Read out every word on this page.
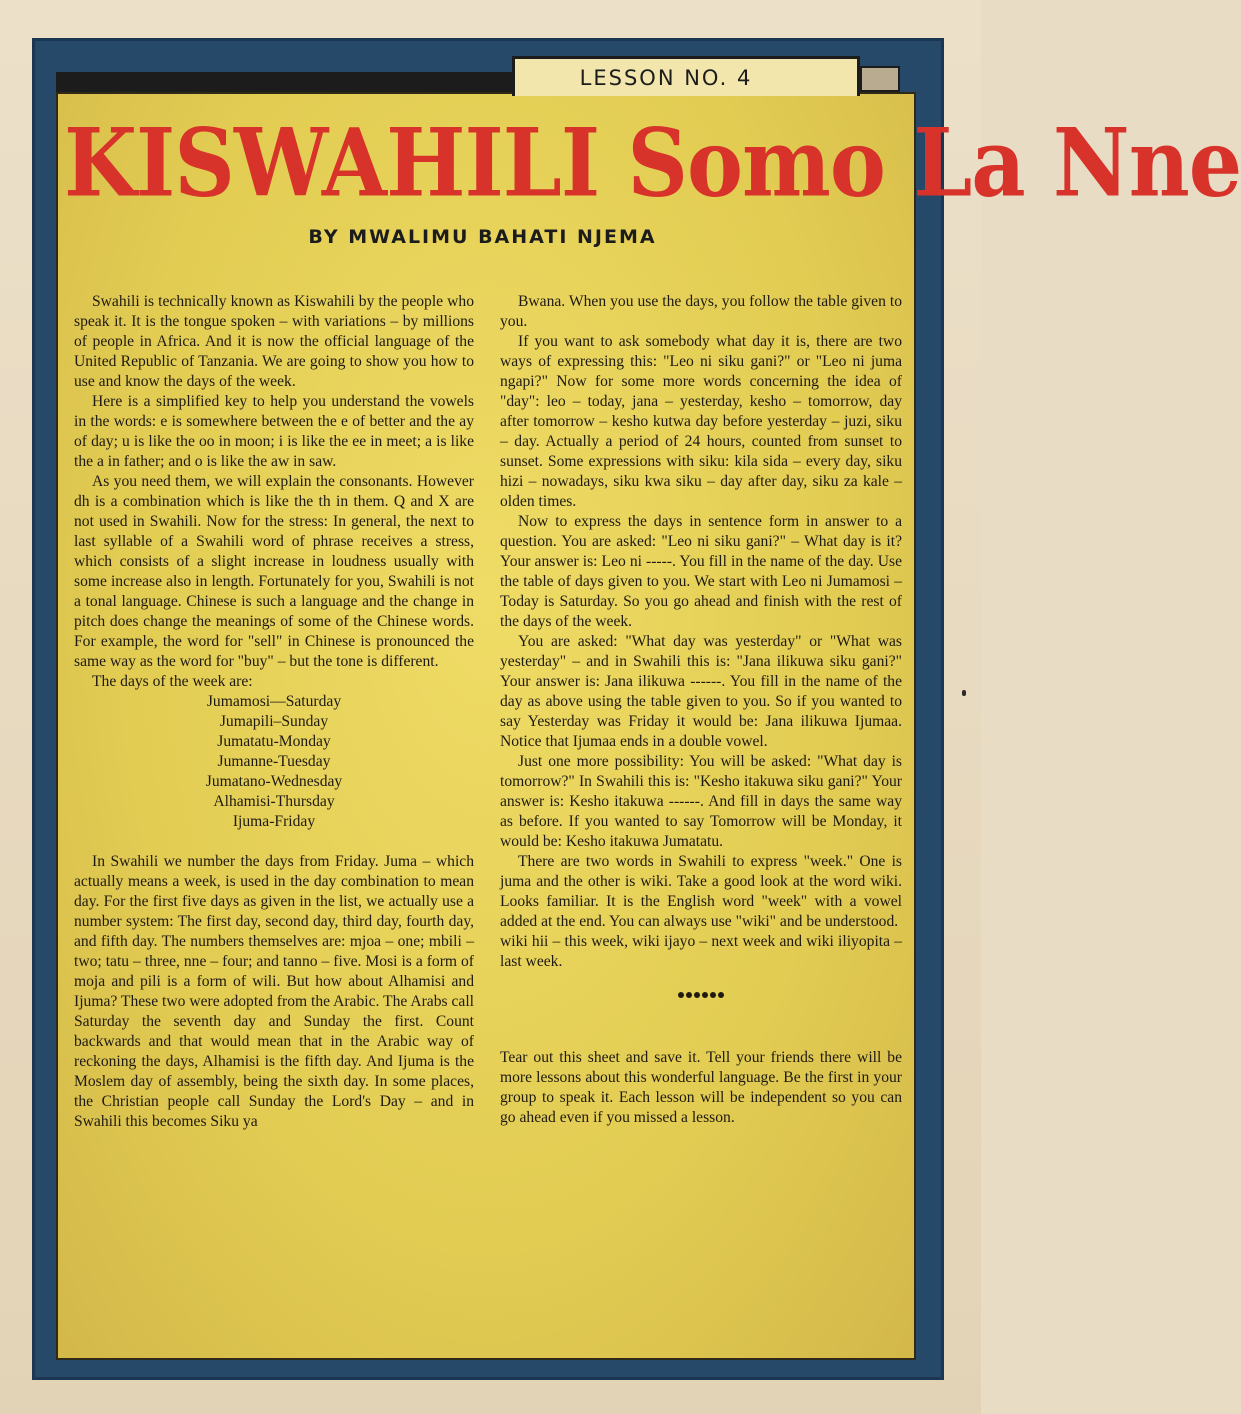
LESSON NO. 4
KISWAHILI Somo La Nne
BY MWALIMU BAHATI NJEMA

Swahili is technically known as Kiswahili by the people who speak it. It is the tongue spoken – with variations – by millions of people in Africa. And it is now the official language of the United Republic of Tanzania. We are going to show you how to use and know the days of the week.

Here is a simplified key to help you understand the vowels in the words: e is somewhere between the e of better and the ay of day; u is like the oo in moon; i is like the ee in meet; a is like the a in father; and o is like the aw in saw.

As you need them, we will explain the consonants. However dh is a combination which is like the th in them. Q and X are not used in Swahili. Now for the stress: In general, the next to last syllable of a Swahili word of phrase receives a stress, which consists of a slight increase in loudness usually with some increase also in length. Fortunately for you, Swahili is not a tonal language. Chinese is such a language and the change in pitch does change the meanings of some of the Chinese words. For example, the word for "sell" in Chinese is pronounced the same way as the word for "buy" – but the tone is different.

The days of the week are:

Jumamosi—Saturday
Jumapili–Sunday
Jumatatu-Monday
Jumanne-Tuesday
Jumatano-Wednesday
Alhamisi-Thursday
Ijuma-Friday

In Swahili we number the days from Friday. Juma – which actually means a week, is used in the day combination to mean day. For the first five days as given in the list, we actually use a number system: The first day, second day, third day, fourth day, and fifth day. The numbers themselves are: mjoa – one; mbili – two; tatu – three, nne – four; and tanno – five. Mosi is a form of moja and pili is a form of wili. But how about Alhamisi and Ijuma? These two were adopted from the Arabic. The Arabs call Saturday the seventh day and Sunday the first. Count backwards and that would mean that in the Arabic way of reckoning the days, Alhamisi is the fifth day. And Ijuma is the Moslem day of assembly, being the sixth day. In some places, the Christian people call Sunday the Lord's Day – and in Swahili this becomes Siku ya

Bwana. When you use the days, you follow the table given to you.

If you want to ask somebody what day it is, there are two ways of expressing this: "Leo ni siku gani?" or "Leo ni juma ngapi?" Now for some more words concerning the idea of "day": leo – today, jana – yesterday, kesho – tomorrow, day after tomorrow – kesho kutwa day before yesterday – juzi, siku – day. Actually a period of 24 hours, counted from sunset to sunset. Some expressions with siku: kila sida – every day, siku hizi – nowadays, siku kwa siku – day after day, siku za kale – olden times.

Now to express the days in sentence form in answer to a question. You are asked: "Leo ni siku gani?" – What day is it? Your answer is: Leo ni -----. You fill in the name of the day. Use the table of days given to you. We start with Leo ni Jumamosi – Today is Saturday. So you go ahead and finish with the rest of the days of the week.

You are asked: "What day was yesterday" or "What was yesterday" – and in Swahili this is: "Jana ilikuwa siku gani?" Your answer is: Jana ilikuwa ------. You fill in the name of the day as above using the table given to you. So if you wanted to say Yesterday was Friday it would be: Jana ilikuwa Ijumaa. Notice that Ijumaa ends in a double vowel.

Just one more possibility: You will be asked: "What day is tomorrow?" In Swahili this is: "Kesho itakuwa siku gani?" Your answer is: Kesho itakuwa ------. And fill in days the same way as before. If you wanted to say Tomorrow will be Monday, it would be: Kesho itakuwa Jumatatu.

There are two words in Swahili to express "week." One is juma and the other is wiki. Take a good look at the word wiki. Looks familiar. It is the English word "week" with a vowel added at the end. You can always use "wiki" and be understood.

wiki hii – this week, wiki ijayo – next week and wiki iliyopita – last week.

Tear out this sheet and save it. Tell your friends there will be more lessons about this wonderful language. Be the first in your group to speak it. Each lesson will be independent so you can go ahead even if you missed a lesson.
